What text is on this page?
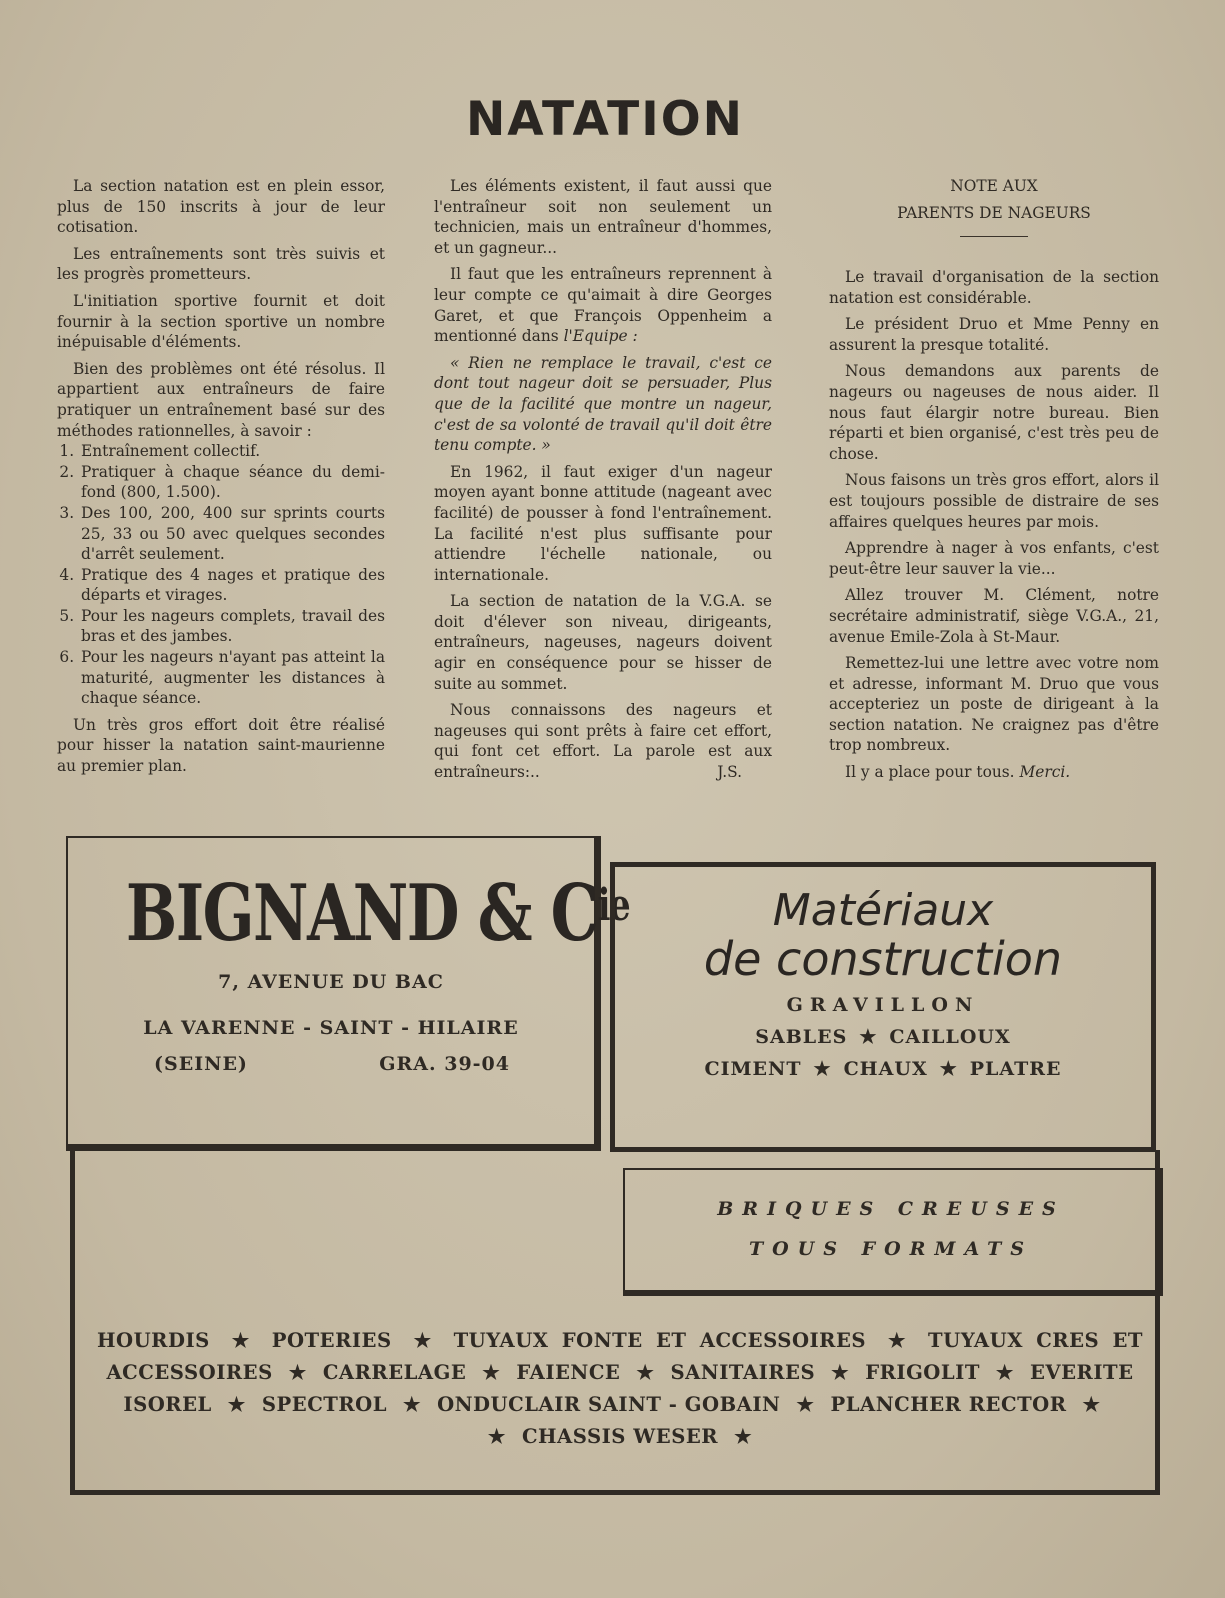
NATATION

La section natation est en plein essor, plus de 150 inscrits à jour de leur cotisation.

Les entraînements sont très suivis et les progrès prometteurs.

L'initiation sportive fournit et doit fournir à la section sportive un nombre inépuisable d'éléments.

Bien des problèmes ont été résolus. Il appartient aux entraîneurs de faire pratiquer un entraînement basé sur des méthodes rationnelles, à savoir :

1. Entraînement collectif.
2. Pratiquer à chaque séance du demi-fond (800, 1.500).
3. Des 100, 200, 400 sur sprints courts 25, 33 ou 50 avec quelques secondes d'arrêt seulement.
4. Pratique des 4 nages et pratique des départs et virages.
5. Pour les nageurs complets, travail des bras et des jambes.
6. Pour les nageurs n'ayant pas atteint la maturité, augmenter les distances à chaque séance.

Un très gros effort doit être réalisé pour hisser la natation saint-maurienne au premier plan.

Les éléments existent, il faut aussi que l'entraîneur soit non seulement un technicien, mais un entraîneur d'hommes, et un gagneur...

Il faut que les entraîneurs reprennent à leur compte ce qu'aimait à dire Georges Garet, et que François Oppenheim a mentionné dans l'Equipe :

« Rien ne remplace le travail, c'est ce dont tout nageur doit se persuader, Plus que de la facilité que montre un nageur, c'est de sa volonté de travail qu'il doit être tenu compte. »

En 1962, il faut exiger d'un nageur moyen ayant bonne attitude (nageant avec facilité) de pousser à fond l'entraînement. La facilité n'est plus suffisante pour attiendre l'échelle nationale, ou internationale.

La section de natation de la V.G.A. se doit d'élever son niveau, dirigeants, entraîneurs, nageuses, nageurs doivent agir en conséquence pour se hisser de suite au sommet.

Nous connaissons des nageurs et nageuses qui sont prêts à faire cet effort, qui font cet effort. La parole est aux entraîneurs:..	J.S.

NOTE AUX

PARENTS DE NAGEURS

Le travail d'organisation de la section natation est considérable.

Le président Druo et Mme Penny en assurent la presque totalité.

Nous demandons aux parents de nageurs ou nageuses de nous aider. Il nous faut élargir notre bureau. Bien réparti et bien organisé, c'est très peu de chose.

Nous faisons un très gros effort, alors il est toujours possible de distraire de ses affaires quelques heures par mois.

Apprendre à nager à vos enfants, c'est peut-être leur sauver la vie...

Allez trouver M. Clément, notre secrétaire administratif, siège V.G.A., 21, avenue Emile-Zola à St-Maur.

Remettez-lui une lettre avec votre nom et adresse, informant M. Druo que vous accepteriez un poste de dirigeant à la section natation. Ne craignez pas d'être trop nombreux.

Il y a place pour tous. Merci.

HOURDIS ★ POTERIES ★ TUYAUX FONTE ET ACCESSOIRES ★ TUYAUX CRES ET ACCESSOIRES ★ CARRELAGE ★ FAIENCE ★ SANITAIRES ★ FRIGOLIT ★ EVERITE
ISOREL ★ SPECTROL ★ ONDUCLAIR SAINT - GOBAIN ★ PLANCHER RECTOR ★
★ CHASSIS WESER ★
BIGNAND & $C^{ie}$
7, AVENUE DU BAC
LA VARENNE - SAINT - HILAIRE
(SEINE)	GRA. 39-04
Matériaux
de construction
GRAVILLON
SABLES ★ CAILLOUX
CIMENT ★ CHAUX ★ PLATRE
BRIQUES CREUSES
TOUS FORMATS
